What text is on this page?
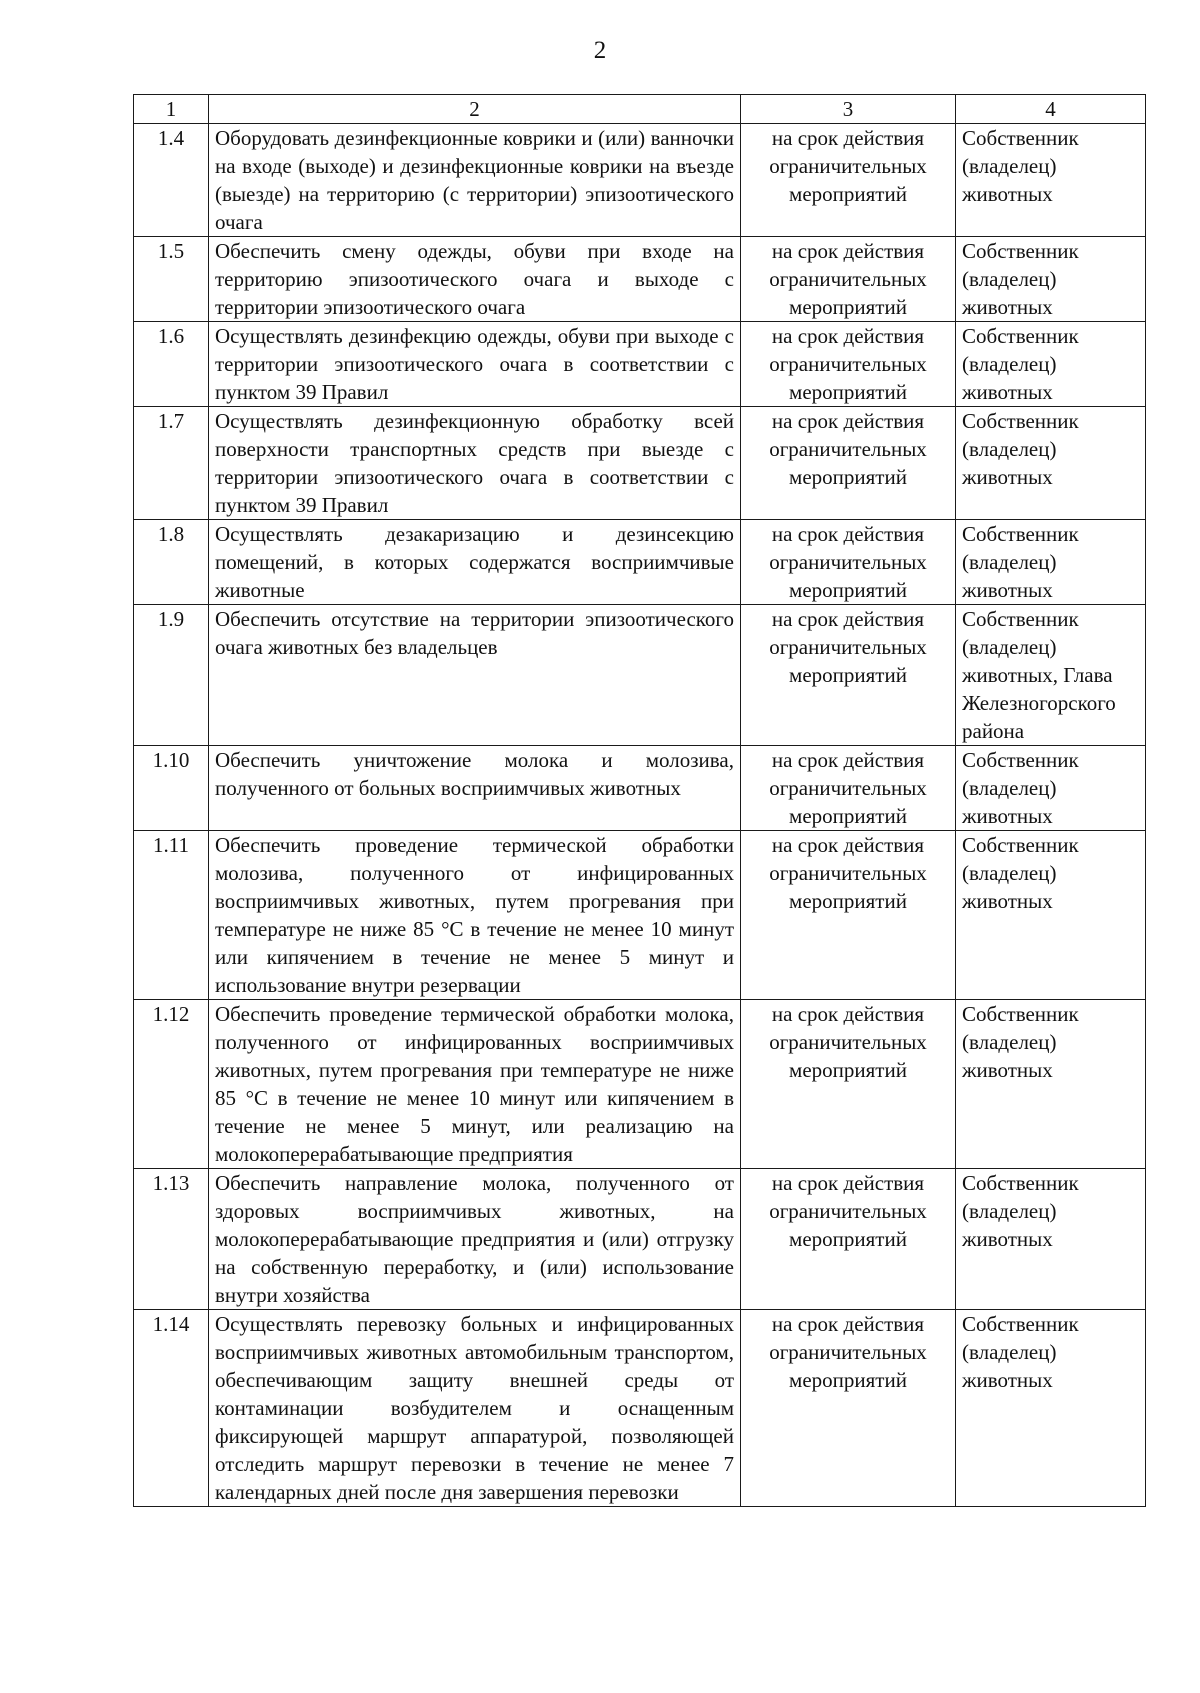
2
1	2	3	4
1.4	Оборудовать дезинфекционные коврики и (или) ванночки на входе (выходе) и дезинфекционные коврики на въезде (выезде) на территорию (с территории) эпизоотического очага	на срок действия ограничительных мероприятий	Собственник (владелец) животных
1.5	Обеспечить смену одежды, обуви при входе на территорию эпизоотического очага и выходе с территории эпизоотического очага	на срок действия ограничительных мероприятий	Собственник (владелец) животных
1.6	Осуществлять дезинфекцию одежды, обуви при выходе с территории эпизоотического очага в соответствии с пунктом 39 Правил	на срок действия ограничительных мероприятий	Собственник (владелец) животных
1.7	Осуществлять дезинфекционную обработку всей поверхности транспортных средств при выезде с территории эпизоотического очага в соответствии с пунктом 39 Правил	на срок действия ограничительных мероприятий	Собственник (владелец) животных
1.8	Осуществлять дезакаризацию и дезинсекцию помещений, в которых содержатся восприимчивые животные	на срок действия ограничительных мероприятий	Собственник (владелец) животных
1.9	Обеспечить отсутствие на территории эпизоотического очага животных без владельцев	на срок действия ограничительных мероприятий	Собственник (владелец) животных, Глава Железногорского района
1.10	Обеспечить уничтожение молока и молозива, полученного от больных восприимчивых животных	на срок действия ограничительных мероприятий	Собственник (владелец) животных
1.11	Обеспечить проведение термической обработки молозива, полученного от инфицированных восприимчивых животных, путем прогревания при температуре не ниже 85 °С в течение не менее 10 минут или кипячением в течение не менее 5 минут и использование внутри резервации	на срок действия ограничительных мероприятий	Собственник (владелец) животных
1.12	Обеспечить проведение термической обработки молока, полученного от инфицированных восприимчивых животных, путем прогревания при температуре не ниже 85 °С в течение не менее 10 минут или кипячением в течение не менее 5 минут, или реализацию на молокоперерабатывающие предприятия	на срок действия ограничительных мероприятий	Собственник (владелец) животных
1.13	Обеспечить направление молока, полученного от здоровых восприимчивых животных, на молокоперерабатывающие предприятия и (или) отгрузку на собственную переработку, и (или) использование внутри хозяйства	на срок действия ограничительных мероприятий	Собственник (владелец) животных
1.14	Осуществлять перевозку больных и инфицированных восприимчивых животных автомобильным транспортом, обеспечивающим защиту внешней среды от контаминации возбудителем и оснащенным фиксирующей маршрут аппаратурой, позволяющей отследить маршрут перевозки в течение не менее 7 календарных дней после дня завершения перевозки	на срок действия ограничительных мероприятий	Собственник (владелец) животных
